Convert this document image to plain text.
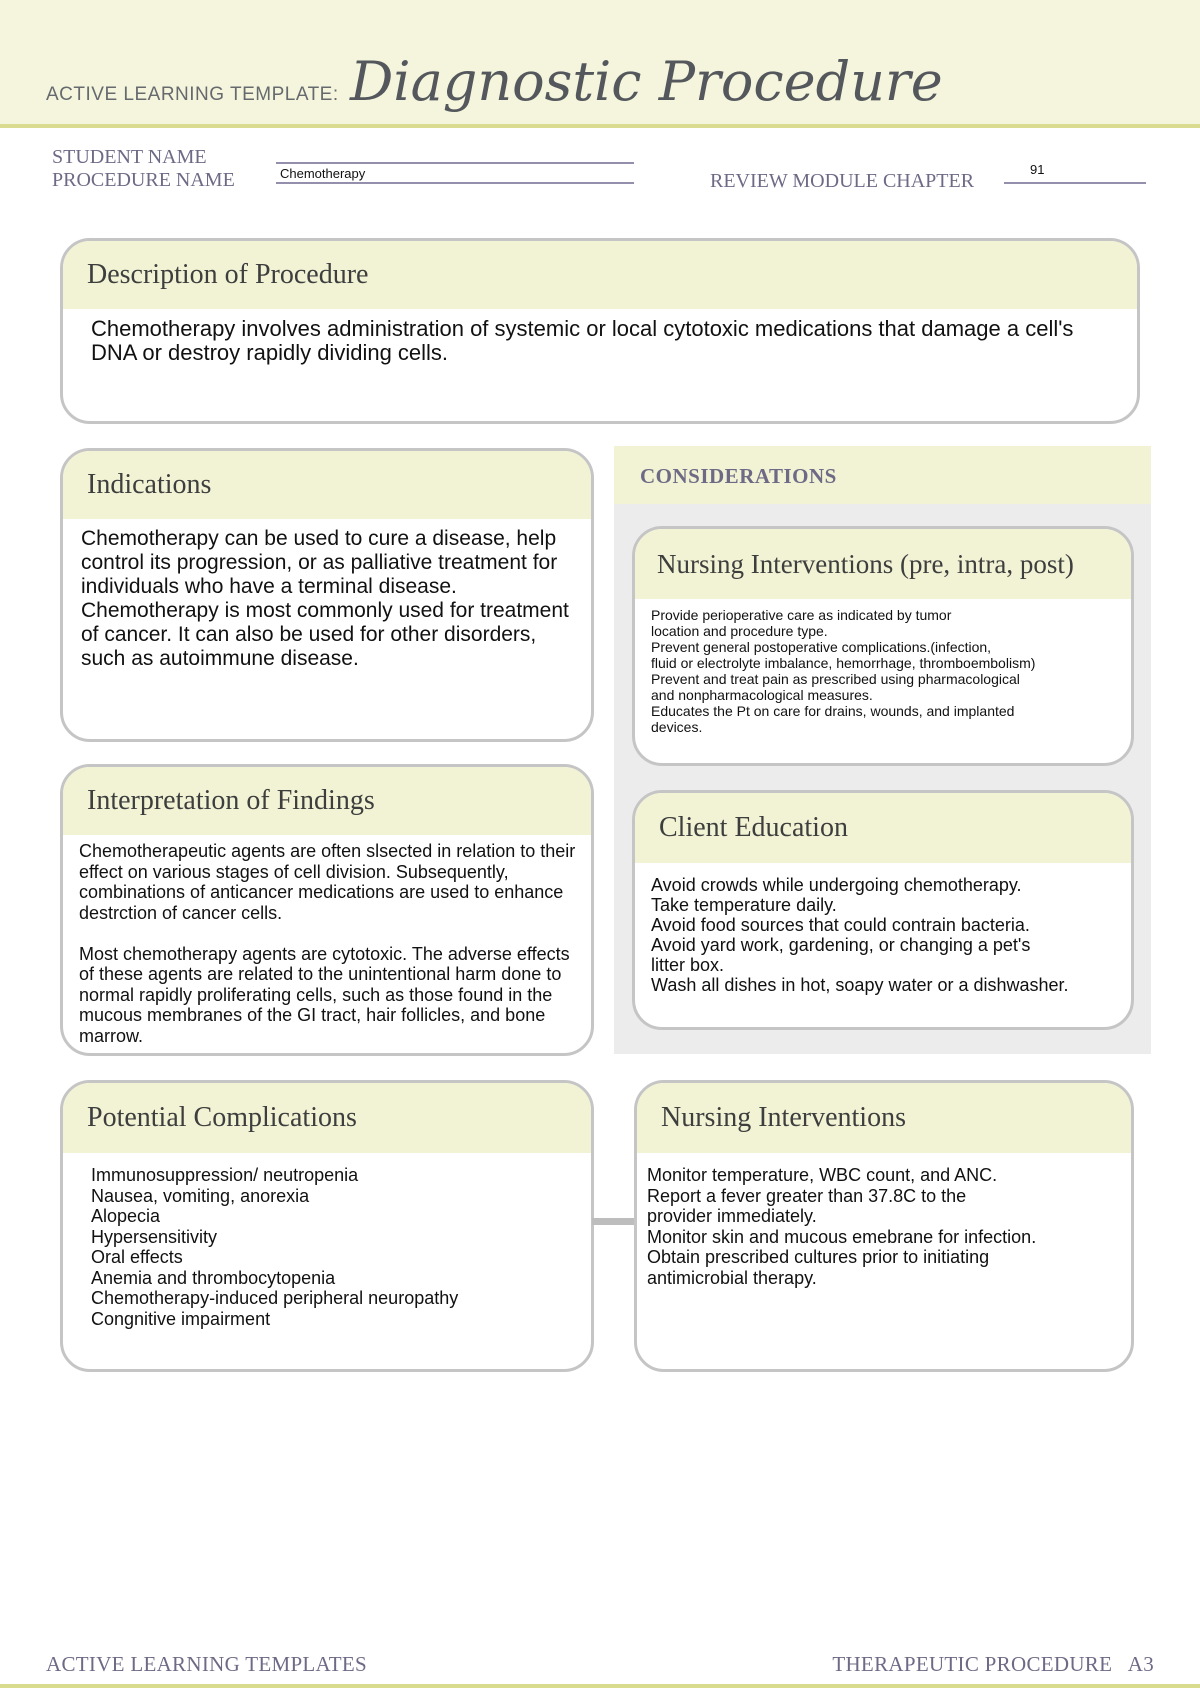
ACTIVE LEARNING TEMPLATE: Diagnostic Procedure
STUDENT NAME
PROCEDURE NAME	Chemotherapy	REVIEW MODULE CHAPTER
91
Description of Procedure
Chemotherapy involves administration of systemic or local cytotoxic medications that damage a cell's DNA or destroy rapidly dividing cells.
Indications
Chemotherapy can be used to cure a disease, help control its progression, or as palliative treatment for individuals who have a terminal disease.
Chemotherapy is most commonly used for treatment of cancer. It can also be used for other disorders, such as autoimmune disease.
Interpretation of Findings
Chemotherapeutic agents are often slsected in relation to their effect on various stages of cell division. Subsequently, combinations of anticancer medications are used to enhance destrction of cancer cells.

Most chemotherapy agents are cytotoxic. The adverse effects of these agents are related to the unintentional harm done to normal rapidly proliferating cells, such as those found in the mucous membranes of the GI tract, hair follicles, and bone marrow.
CONSIDERATIONS
Nursing Interventions (pre, intra, post)
Provide perioperative care as indicated by tumor
location and procedure type.
Prevent general postoperative complications.(infection,
fluid or electrolyte imbalance, hemorrhage, thromboembolism)
Prevent and treat pain as prescribed using pharmacological
and nonpharmacological measures.
Educates the Pt on care for drains, wounds, and implanted
devices.
Client Education
Avoid crowds while undergoing chemotherapy.
Take temperature daily.
Avoid food sources that could contrain bacteria.
Avoid yard work, gardening, or changing a pet's
litter box.
Wash all dishes in hot, soapy water or a dishwasher.
Potential Complications
Immunosuppression/ neutropenia
Nausea, vomiting, anorexia
Alopecia
Hypersensitivity
Oral effects
Anemia and thrombocytopenia
Chemotherapy-induced peripheral neuropathy
Congnitive impairment
Nursing Interventions
Monitor temperature, WBC count, and ANC.
Report a fever greater than 37.8C to the
provider immediately.
Monitor skin and mucous emebrane for infection.
Obtain prescribed cultures prior to initiating
antimicrobial therapy.
ACTIVE LEARNING TEMPLATES	THERAPEUTIC PROCEDURE   A3
